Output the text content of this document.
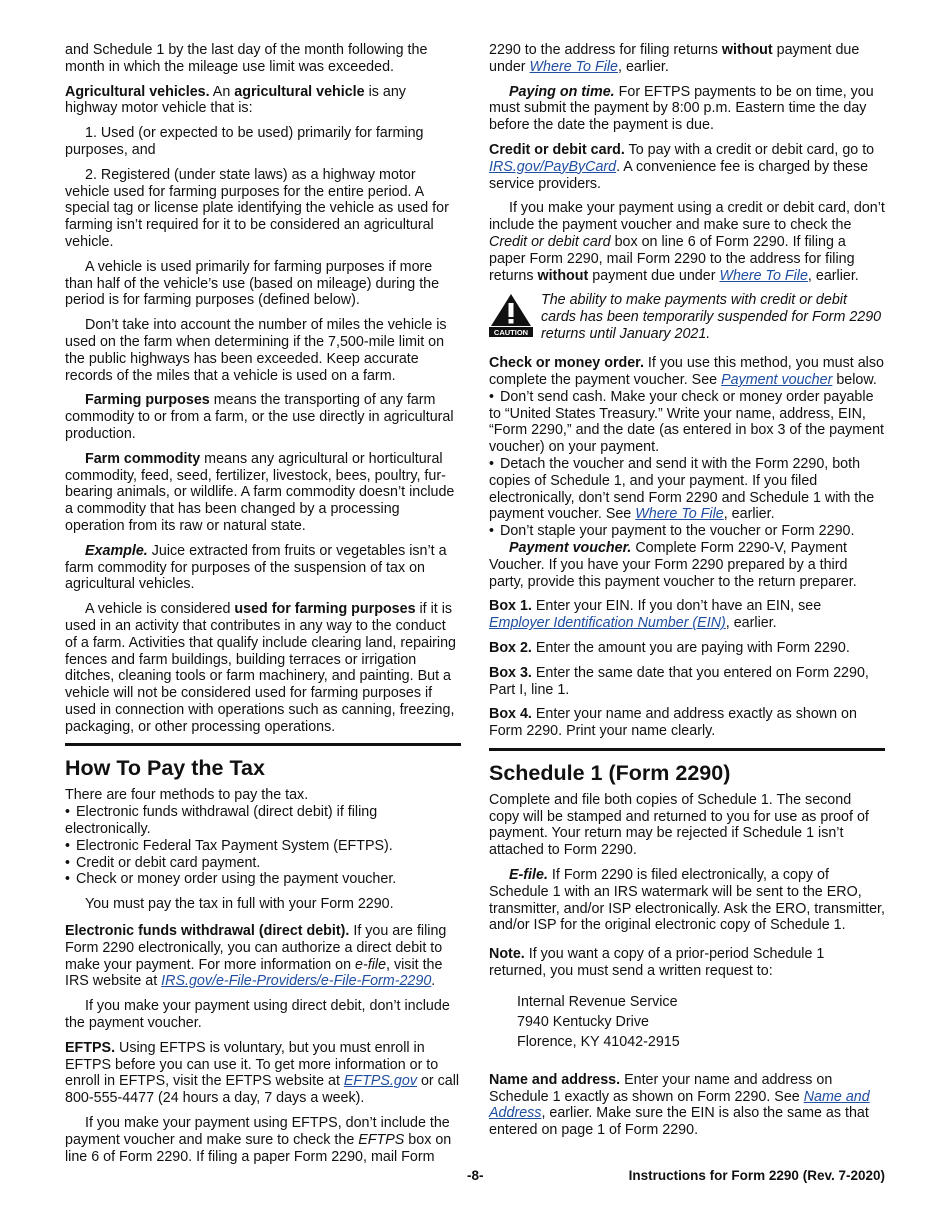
and Schedule 1 by the last day of the month following the month in which the mileage use limit was exceeded.

Agricultural vehicles. An agricultural vehicle is any highway motor vehicle that is:

1. Used (or expected to be used) primarily for farming purposes, and

2. Registered (under state laws) as a highway motor vehicle used for farming purposes for the entire period. A special tag or license plate identifying the vehicle as used for farming isn’t required for it to be considered an agricultural vehicle.

A vehicle is used primarily for farming purposes if more than half of the vehicle’s use (based on mileage) during the period is for farming purposes (defined below).

Don’t take into account the number of miles the vehicle is used on the farm when determining if the 7,500-mile limit on the public highways has been exceeded. Keep accurate records of the miles that a vehicle is used on a farm.

Farming purposes means the transporting of any farm commodity to or from a farm, or the use directly in agricultural production.

Farm commodity means any agricultural or horticultural commodity, feed, seed, fertilizer, livestock, bees, poultry, fur-bearing animals, or wildlife. A farm commodity doesn’t include a commodity that has been changed by a processing operation from its raw or natural state.

Example. Juice extracted from fruits or vegetables isn’t a farm commodity for purposes of the suspension of tax on agricultural vehicles.

A vehicle is considered used for farming purposes if it is used in an activity that contributes in any way to the conduct of a farm. Activities that qualify include clearing land, repairing fences and farm buildings, building terraces or irrigation ditches, cleaning tools or farm machinery, and painting. But a vehicle will not be considered used for farming purposes if used in connection with operations such as canning, freezing, packaging, or other processing operations.

How To Pay the Tax

There are four methods to pay the tax.

• Electronic funds withdrawal (direct debit) if filing electronically.

• Electronic Federal Tax Payment System (EFTPS).

• Credit or debit card payment.

• Check or money order using the payment voucher.

You must pay the tax in full with your Form 2290.

Electronic funds withdrawal (direct debit). If you are filing Form 2290 electronically, you can authorize a direct debit to make your payment. For more information on e-file, visit the IRS website at IRS.gov/e-File-Providers/e-File-Form-2290.

If you make your payment using direct debit, don’t include the payment voucher.

EFTPS. Using EFTPS is voluntary, but you must enroll in EFTPS before you can use it. To get more information or to enroll in EFTPS, visit the EFTPS website at EFTPS.gov or call 800-555-4477 (24 hours a day, 7 days a week).

If you make your payment using EFTPS, don’t include the payment voucher and make sure to check the EFTPS box on line 6 of Form 2290. If filing a paper Form 2290, mail Form

2290 to the address for filing returns without payment due under Where To File, earlier.

Paying on time. For EFTPS payments to be on time, you must submit the payment by 8:00 p.m. Eastern time the day before the date the payment is due.

Credit or debit card. To pay with a credit or debit card, go to IRS.gov/PayByCard. A convenience fee is charged by these service providers.

If you make your payment using a credit or debit card, don’t include the payment voucher and make sure to check the Credit or debit card box on line 6 of Form 2290. If filing a paper Form 2290, mail Form 2290 to the address for filing returns without payment due under Where To File, earlier.

CAUTION
The ability to make payments with credit or debit cards has been temporarily suspended for Form 2290 returns until January 2021.

Check or money order. If you use this method, you must also complete the payment voucher. See Payment voucher below.

• Don’t send cash. Make your check or money order payable to “United States Treasury.” Write your name, address, EIN, “Form 2290,” and the date (as entered in box 3 of the payment voucher) on your payment.

• Detach the voucher and send it with the Form 2290, both copies of Schedule 1, and your payment. If you filed electronically, don’t send Form 2290 and Schedule 1 with the payment voucher. See Where To File, earlier.

• Don’t staple your payment to the voucher or Form 2290.

Payment voucher. Complete Form 2290-V, Payment Voucher. If you have your Form 2290 prepared by a third party, provide this payment voucher to the return preparer.

Box 1. Enter your EIN. If you don’t have an EIN, see Employer Identification Number (EIN), earlier.

Box 2. Enter the amount you are paying with Form 2290.

Box 3. Enter the same date that you entered on Form 2290, Part I, line 1.

Box 4. Enter your name and address exactly as shown on Form 2290. Print your name clearly.

Schedule 1 (Form 2290)

Complete and file both copies of Schedule 1. The second copy will be stamped and returned to you for use as proof of payment. Your return may be rejected if Schedule 1 isn’t attached to Form 2290.

E-file. If Form 2290 is filed electronically, a copy of Schedule 1 with an IRS watermark will be sent to the ERO, transmitter, and/or ISP electronically. Ask the ERO, transmitter, and/or ISP for the original electronic copy of Schedule 1.

Note. If you want a copy of a prior-period Schedule 1 returned, you must send a written request to:

Internal Revenue Service
7940 Kentucky Drive
Florence, KY 41042-2915

Name and address. Enter your name and address on Schedule 1 exactly as shown on Form 2290. See Name and Address, earlier. Make sure the EIN is also the same as that entered on page 1 of Form 2290.

-8-	Instructions for Form 2290 (Rev. 7-2020)
